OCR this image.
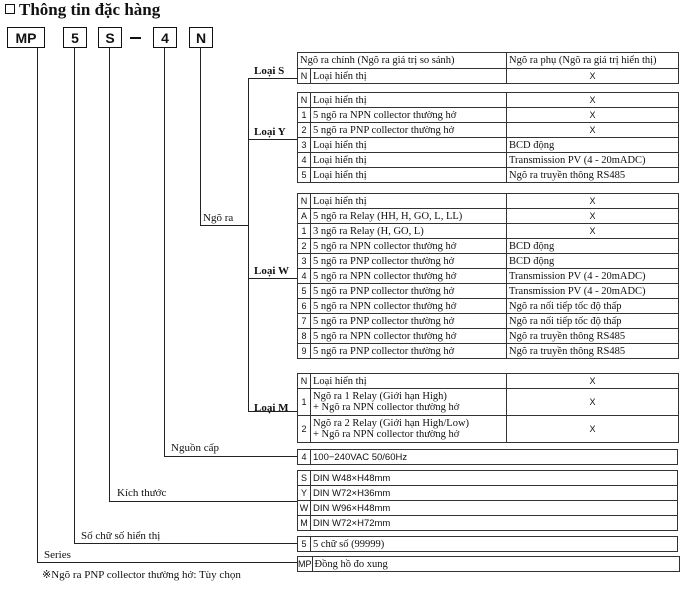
Thông tin đặc hàng
MP 5 S	4 N
Ngõ ra
Nguồn cấp
Kích thước
Số chữ số hiển thị
Series
Loại S
Loại Y
Loại W
Loại M
Ngõ ra chính (Ngõ ra giá trị so sánh)		Ngõ ra phụ (Ngõ ra giá trị hiển thị)
N	Loại hiển thị	X
N	Loại hiển thị	X
1	5 ngõ ra NPN collector thường hở	X
2	5 ngõ ra PNP collector thường hở	X
3	Loại hiển thị	BCD động
4	Loại hiển thị	Transmission PV (4 - 20mADC)
5	Loại hiển thị	Ngõ ra truyền thông RS485
N	Loại hiển thị	X
A	5 ngõ ra Relay (HH, H, GO, L, LL)	X
1	3 ngõ ra Relay (H, GO, L)	X
2	5 ngõ ra NPN collector thường hở	BCD động
3	5 ngõ ra PNP collector thường hở	BCD động
4	5 ngõ ra NPN collector thường hở	Transmission PV (4 - 20mADC)
5	5 ngõ ra PNP collector thường hở	Transmission PV (4 - 20mADC)
6	5 ngõ ra NPN collector thường hở	Ngõ ra nối tiếp tốc độ thấp
7	5 ngõ ra PNP collector thường hở	Ngõ ra nối tiếp tốc độ thấp
8	5 ngõ ra NPN collector thường hở	Ngõ ra truyền thông RS485
9	5 ngõ ra PNP collector thường hở	Ngõ ra truyền thông RS485
N	Loại hiển thị	X
1	Ngõ ra 1 Relay (Giới hạn High)
+ Ngõ ra NPN collector thường hở	X
2	Ngõ ra 2 Relay (Giới hạn High/Low)
+ Ngõ ra NPN collector thường hở	X
4	100−240VAC 50/60Hz
S	DIN W48×H48mm
Y	DIN W72×H36mm
W	DIN W96×H48mm
M	DIN W72×H72mm
5	5 chữ số (99999)
MP	Đồng hồ đo xung
※Ngõ ra PNP collector thường hở: Tùy chọn
